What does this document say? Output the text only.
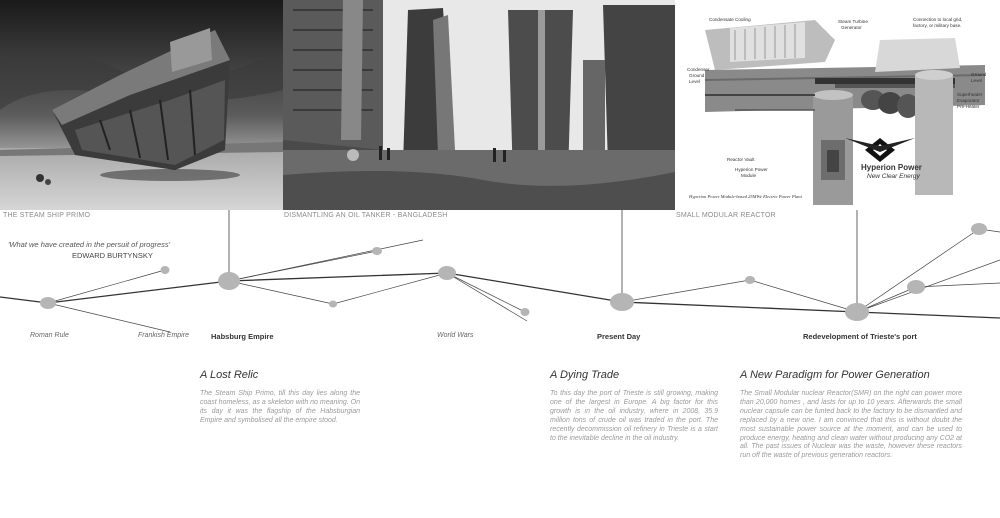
Condensate Cooling	Steam Turbine
Generator
Connection to local grid,
factory, or military base.
Condenser
Ground
Level
Ground
Level
Superheater
Evaporator
Pre-Heater
Reactor Vault
Hyperion Power
Module
Hyperion Power
New Clear Energy
Hyperion Power Module-based 25MWe Electric Power Plant
THE STEAM SHIP PRIMO	DISMANTLING AN OIL TANKER - BANGLADESH	SMALL MODULAR REACTOR
'What we have created in the persuit of progress'
EDWARD BURTYNSKY
Roman Rule	Frankish Empire	Habsburg Empire	World Wars	Present Day	Redevelopment of Trieste's port
A Lost Relic
The Steam Ship Primo, till this day lies along the coast homeless, as a skeleton with no meaning. On its day it was the flagship of the Habsburgian Empire and symbolised all the empire stood.
A Dying Trade
To this day the port of Trieste is still growing, making one of the largest in Europe. A big factor for this growth is in the oil industry, where in 2008, 35.9 million tons of crude oil was traded in the port. The recently decommission oil refinery in Trieste is a start to the inevitable decline in the oil industry.
A New Paradigm for Power Generation
The Small Modular nuclear Reactor(SMR) on the right can power more than 20,000 homes , and lasts for up to 10 years. Afterwards the small nuclear capsule can be funted back to the factory to be dismantled and replaced by a new one. I am convinced that this is without doubt the most sustainable power source at the moment, and can be used to produce energy, heating and clean water without producing any CO2 at all. The past issues of Nuclear was the waste, however these reactors run off the waste of previous generation reactors.
